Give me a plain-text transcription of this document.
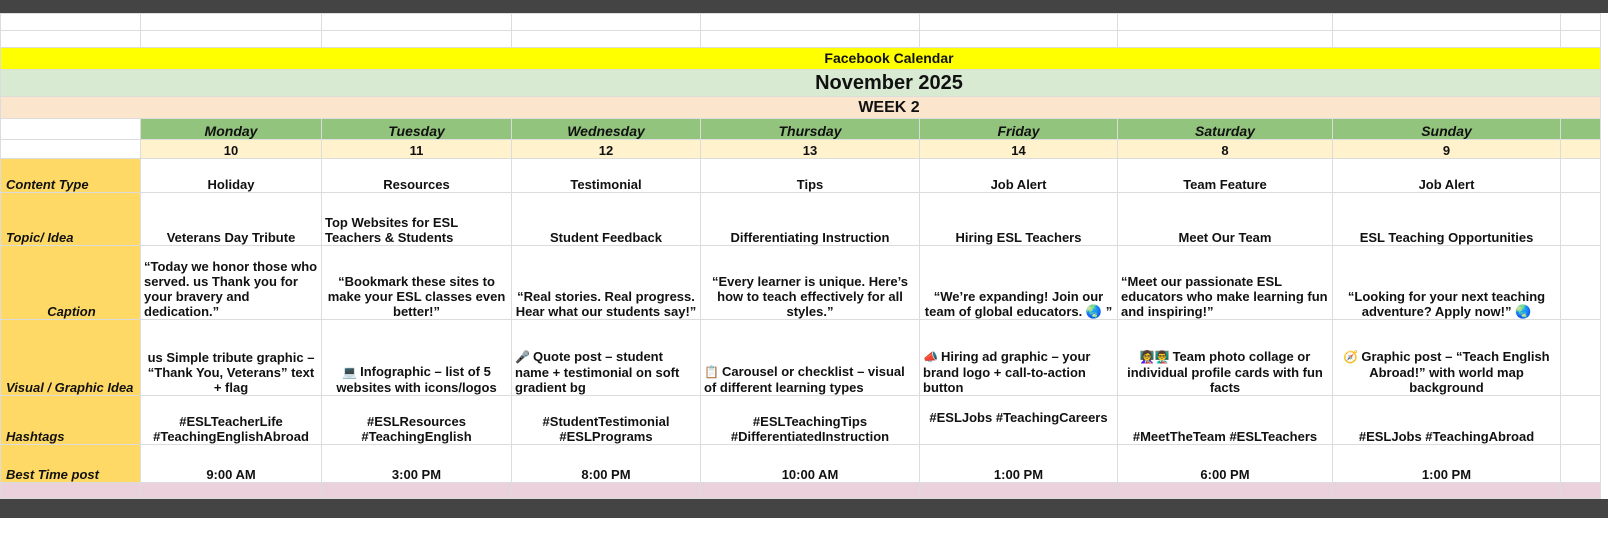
Facebook Calendar								
November 2025								
WEEK 2								
	Monday	Tuesday	Wednesday	Thursday	Friday	Saturday	Sunday	
	10	11	12	13	14	8	9	
Content Type	Holiday	Resources	Testimonial	Tips	Job Alert	Team Feature	Job Alert	
Topic/ Idea	Veterans Day Tribute	Top Websites for ESL Teachers & Students	Student Feedback	Differentiating Instruction	Hiring ESL Teachers	Meet Our Team	ESL Teaching Opportunities	
Caption	“Today we honor those who served. us Thank you for your bravery and dedication.”	“Bookmark these sites to make your ESL classes even better!”	“Real stories. Real progress. Hear what our students say!”	“Every learner is unique. Here’s how to teach effectively for all styles.”	“We’re expanding! Join our team of global educators. 🌏 ”	“Meet our passionate ESL educators who make learning fun and inspiring!”	“Looking for your next teaching adventure? Apply now!” 🌏	
Visual / Graphic Idea	us Simple tribute graphic – “Thank You, Veterans” text + flag	💻 Infographic – list of 5 websites with icons/logos	🎤 Quote post – student name + testimonial on soft gradient bg	📋 Carousel or checklist – visual of different learning types	📣 Hiring ad graphic – your brand logo + call-to-action button	👩‍🏫👨‍🏫 Team photo collage or individual profile cards with fun facts	🧭 Graphic post – “Teach English Abroad!” with world map background	
Hashtags	#ESLTeacherLife #TeachingEnglishAbroad	#ESLResources #TeachingEnglish	#StudentTestimonial #ESLPrograms	#ESLTeachingTips #DifferentiatedInstruction	#ESLJobs #TeachingCareers	#MeetTheTeam #ESLTeachers	#ESLJobs #TeachingAbroad	
Best Time post	9:00 AM	3:00 PM	8:00 PM	10:00 AM	1:00 PM	6:00 PM	1:00 PM	
